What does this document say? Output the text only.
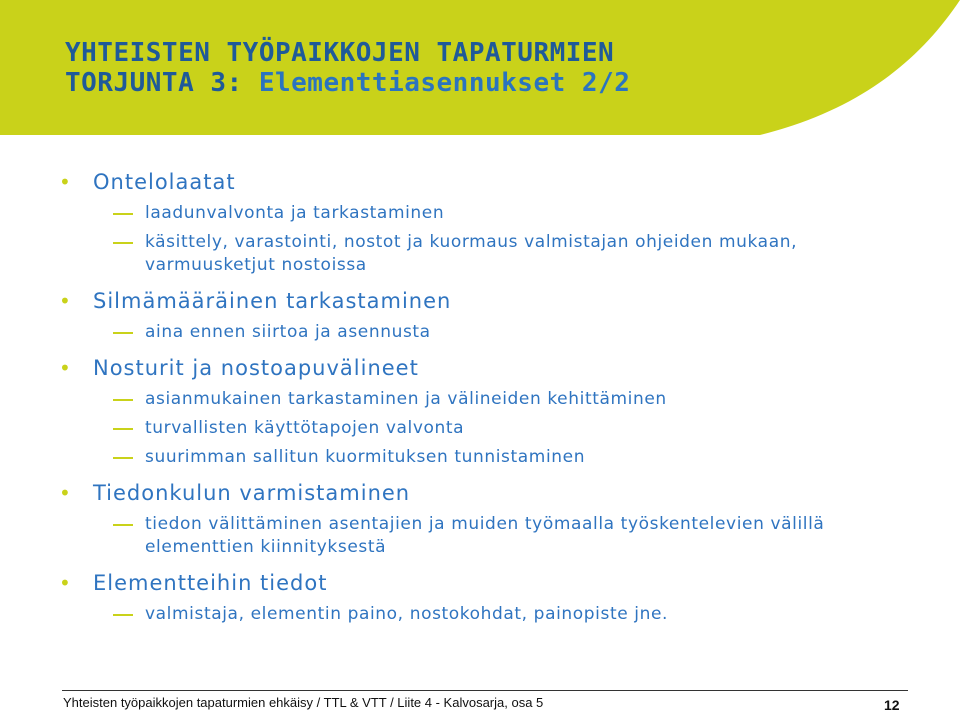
YHTEISTEN TYÖPAIKKOJEN TAPATURMIEN
TORJUNTA 3: Elementtiasennukset 2/2
• Ontelolaatat
laadunvalvonta ja tarkastaminen
käsittely, varastointi, nostot ja kuormaus valmistajan ohjeiden mukaan, varmuusketjut nostoissa
• Silmämääräinen tarkastaminen
aina ennen siirtoa ja asennusta
• Nosturit ja nostoapuvälineet
asianmukainen tarkastaminen ja välineiden kehittäminen
turvallisten käyttötapojen valvonta
suurimman sallitun kuormituksen tunnistaminen
• Tiedonkulun varmistaminen
tiedon välittäminen asentajien ja muiden työmaalla työskentelevien välillä elementtien kiinnityksestä
• Elementteihin tiedot
valmistaja, elementin paino, nostokohdat, painopiste jne.
Yhteisten työpaikkojen tapaturmien ehkäisy / TTL & VTT / Liite 4 - Kalvosarja, osa 5	12
